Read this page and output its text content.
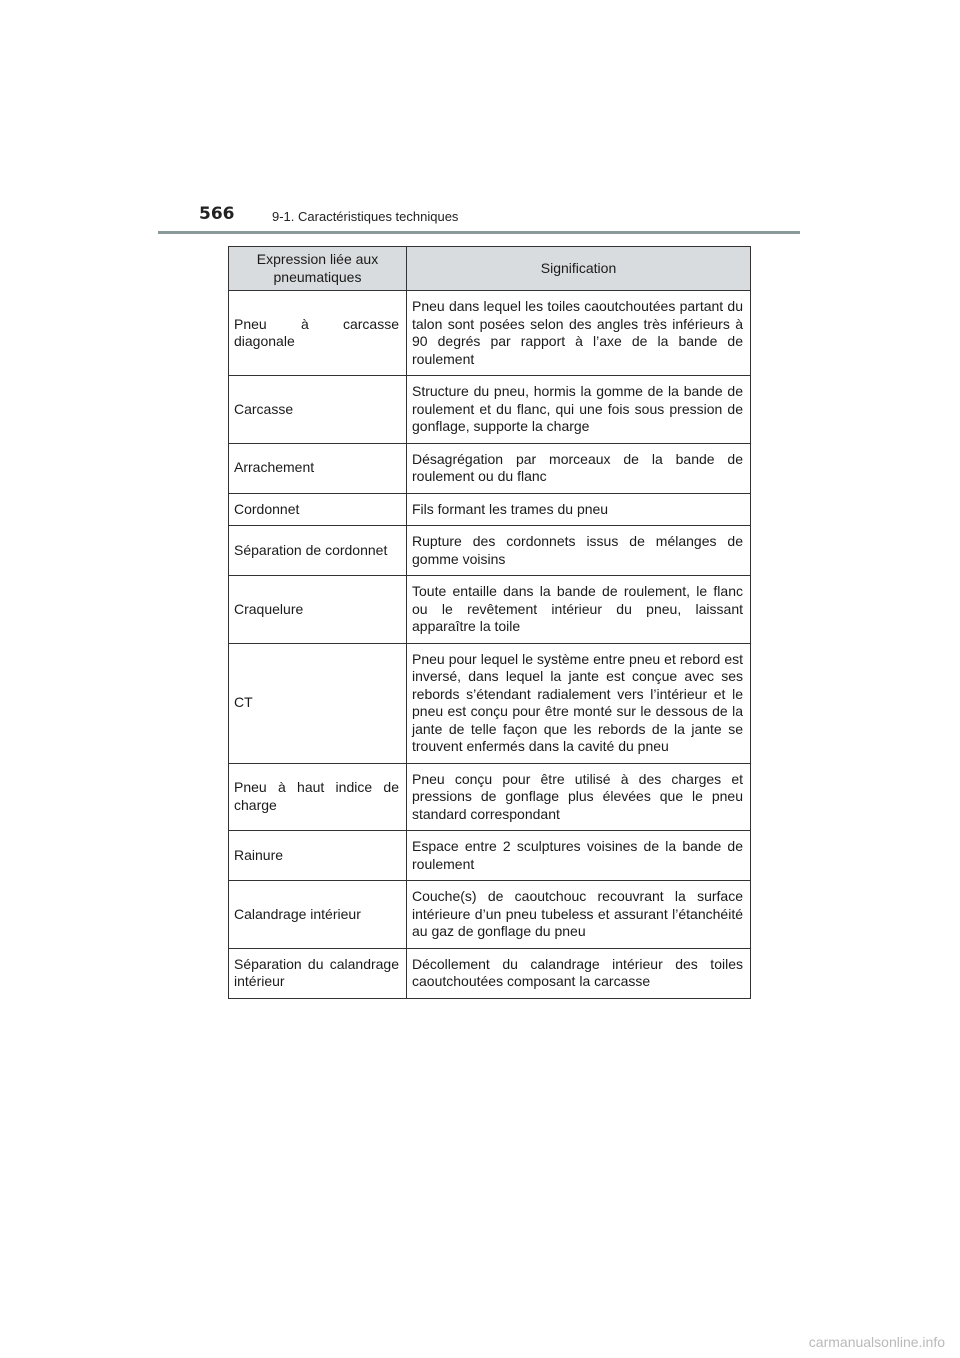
566	9-1. Caractéristiques techniques
Expression liée aux pneumatiques	Signification
Pneu à carcasse diagonale	Pneu dans lequel les toiles caoutchoutées partant du talon sont posées selon des angles très inférieurs à 90 degrés par rapport à l’axe de la bande de roulement
Carcasse	Structure du pneu, hormis la gomme de la bande de roulement et du flanc, qui une fois sous pression de gonflage, supporte la charge
Arrachement	Désagrégation par morceaux de la bande de roulement ou du flanc
Cordonnet	Fils formant les trames du pneu
Séparation de cordonnet	Rupture des cordonnets issus de mélanges de gomme voisins
Craquelure	Toute entaille dans la bande de roulement, le flanc ou le revêtement intérieur du pneu, laissant apparaître la toile
CT	Pneu pour lequel le système entre pneu et rebord est inversé, dans lequel la jante est conçue avec ses rebords s’étendant radialement vers l’intérieur et le pneu est conçu pour être monté sur le dessous de la jante de telle façon que les rebords de la jante se trouvent enfermés dans la cavité du pneu
Pneu à haut indice de charge	Pneu conçu pour être utilisé à des charges et pressions de gonflage plus élevées que le pneu standard correspondant
Rainure	Espace entre 2 sculptures voisines de la bande de roulement
Calandrage intérieur	Couche(s) de caoutchouc recouvrant la surface intérieure d’un pneu tubeless et assurant l’étanchéité au gaz de gonflage du pneu
Séparation du calandrage intérieur	Décollement du calandrage intérieur des toiles caoutchoutées composant la carcasse
carmanualsonline.info
